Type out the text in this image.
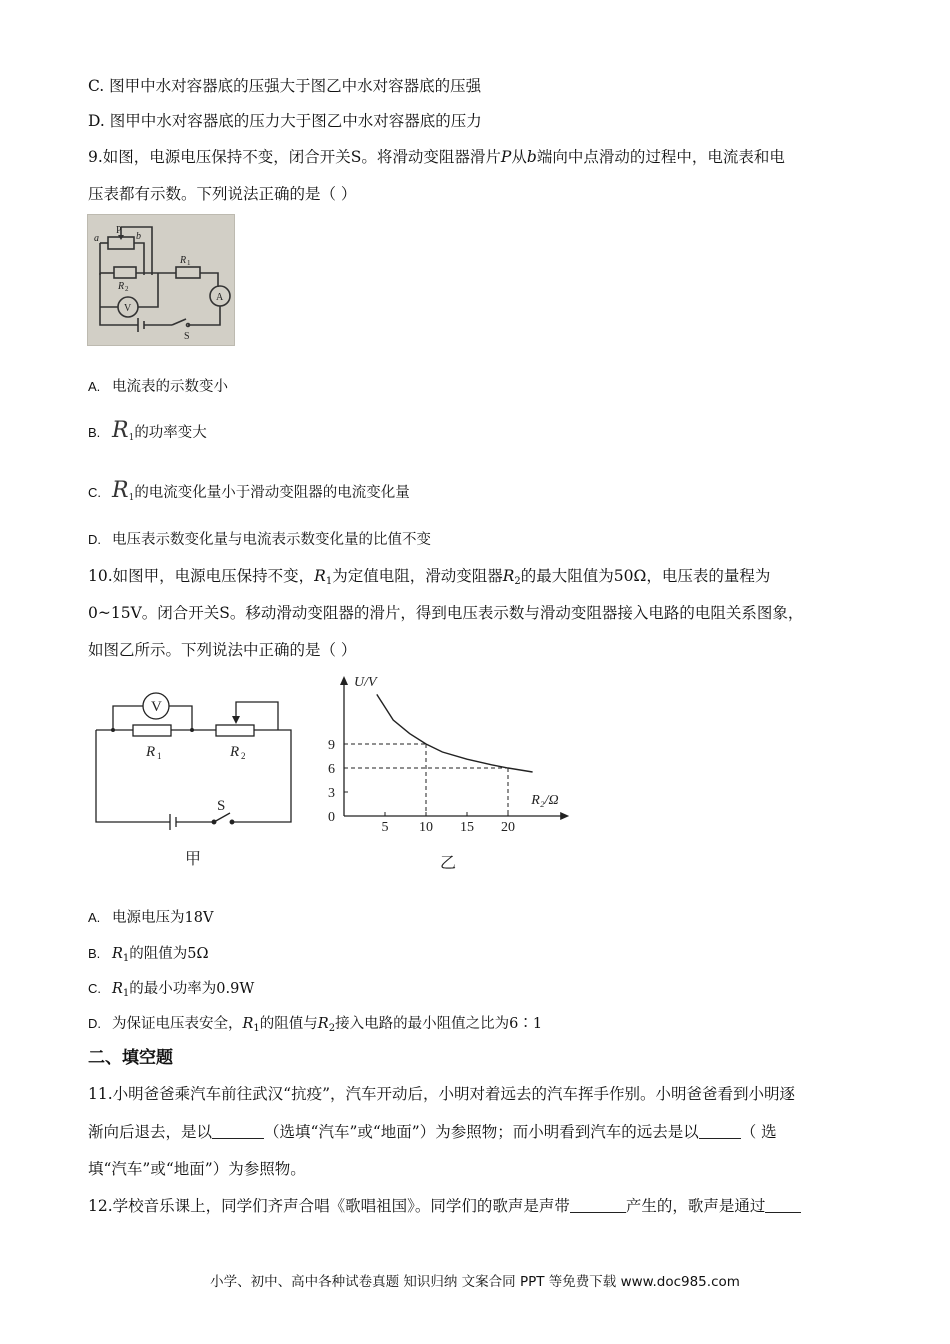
C. 图甲中水对容器底的压强大于图乙中水对容器底的压强
D. 图甲中水对容器底的压力大于图乙中水对容器底的压力
9.如图，电源电压保持不变，闭合开关S。将滑动变阻器滑片P从b端向中点滑动的过程中，电流表和电
压表都有示数。下列说法正确的是（ ）
a
P
b
R 1
R 2
V
A
S
A. 电流表的示数变小
B. $R_1$的功率变大
C. $R_1$的电流变化量小于滑动变阻器的电流变化量
D. 电压表示数变化量与电流表示数变化量的比值不变
10.如图甲，电源电压保持不变，$R_1$为定值电阻，滑动变阻器$R_2$的最大阻值为50Ω，电压表的量程为
0~15V。闭合开关S。移动滑动变阻器的滑片，得到电压表示数与滑动变阻器接入电路的电阻关系图象，
如图乙所示。下列说法中正确的是（ ）
V
R 1	R 2
S
甲
5 10 15 20
3
6
9
0
U/V
R₂/Ω
乙
A. 电源电压为18V
B. $R_1$的阻值为5Ω
C. $R_1$的最小功率为0.9W
D. 为保证电压表安全，$R_1$的阻值与$R_2$接入电路的最小阻值之比为6∶1
二、填空题
11.小明爸爸乘汽车前往武汉“抗疫”，汽车开动后，小明对着远去的汽车挥手作别。小明爸爸看到小明逐
渐向后退去，是以	（选填“汽车”或“地面”）为参照物；而小明看到汽车的远去是以	（ 选
填“汽车”或“地面”）为参照物。
12.学校音乐课上，同学们齐声合唱《歌唱祖国》。同学们的歌声是声带	产生的，歌声是通过
小学、初中、高中各种试卷真题 知识归纳 文案合同 PPT 等免费下载 www.doc985.com
